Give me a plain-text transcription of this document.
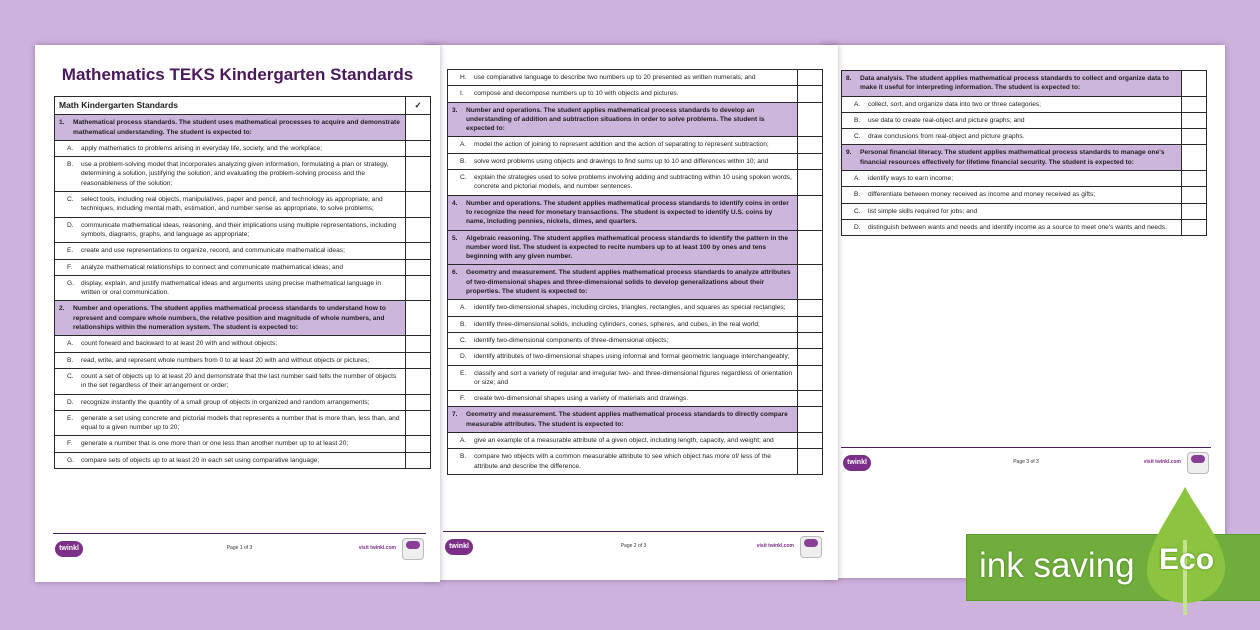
Mathematics TEKS Kindergarten Standards
Math Kindergarten Standards	✓

1. Mathematical process standards. The student uses mathematical processes to acquire and demonstrate mathematical understanding. The student is expected to:	

A. apply mathematics to problems arising in everyday life, society, and the workplace;	

B. use a problem-solving model that incorporates analyzing given information, formulating a plan or strategy, determining a solution, justifying the solution, and evaluating the problem-solving process and the reasonableness of the solution;	

C. select tools, including real objects, manipulatives, paper and pencil, and technology as appropriate, and techniques, including mental math, estimation, and number sense as appropriate, to solve problems;	

D. communicate mathematical ideas, reasoning, and their implications using multiple representations, including symbols, diagrams, graphs, and language as appropriate;	

E. create and use representations to organize, record, and communicate mathematical ideas;	

F. analyze mathematical relationships to connect and communicate mathematical ideas; and	

G. display, explain, and justify mathematical ideas and arguments using precise mathematical language in written or oral communication.	

2. Number and operations. The student applies mathematical process standards to understand how to represent and compare whole numbers, the relative position and magnitude of whole numbers, and relationships within the numeration system. The student is expected to:	

A. count forward and backward to at least 20 with and without objects;	

B. read, write, and represent whole numbers from 0 to at least 20 with and without objects or pictures;	

C. count a set of objects up to at least 20 and demonstrate that the last number said tells the number of objects in the set regardless of their arrangement or order;	

D. recognize instantly the quantity of a small group of objects in organized and random arrangements;	

E. generate a set using concrete and pictorial models that represents a number that is more than, less than, and equal to a given number up to 20;	

F. generate a number that is one more than or one less than another number up to at least 20;	

G. compare sets of objects up to at least 20 in each set using comparative language;	

twinkl	Page 1 of 3	visit twinkl.com
H. use comparative language to describe two numbers up to 20 presented as written numerals; and	

I. compose and decompose numbers up to 10 with objects and pictures.	

3. Number and operations. The student applies mathematical process standards to develop an understanding of addition and subtraction situations in order to solve problems. The student is expected to:	

A. model the action of joining to represent addition and the action of separating to represent subtraction;	

B. solve word problems using objects and drawings to find sums up to 10 and differences within 10; and	

C. explain the strategies used to solve problems involving adding and subtracting within 10 using spoken words, concrete and pictorial models, and number sentences.	

4. Number and operations. The student applies mathematical process standards to identify coins in order to recognize the need for monetary transactions. The student is expected to identify U.S. coins by name, including pennies, nickels, dimes, and quarters.	

5. Algebraic reasoning. The student applies mathematical process standards to identify the pattern in the number word list. The student is expected to recite numbers up to at least 100 by ones and tens beginning with any given number.	

6. Geometry and measurement. The student applies mathematical process standards to analyze attributes of two-dimensional shapes and three-dimensional solids to develop generalizations about their properties. The student is expected to:	

A. identify two-dimensional shapes, including circles, triangles, rectangles, and squares as special rectangles;	

B. identify three-dimensional solids, including cylinders, cones, spheres, and cubes, in the real world;	

C. identify two-dimensional components of three-dimensional objects;	

D. identify attributes of two-dimensional shapes using informal and formal geometric language interchangeably;	

E. classify and sort a variety of regular and irregular two- and three-dimensional figures regardless of orientation or size; and	

F. create two-dimensional shapes using a variety of materials and drawings.	

7. Geometry and measurement. The student applies mathematical process standards to directly compare measurable attributes. The student is expected to:	

A. give an example of a measurable attribute of a given object, including length, capacity, and weight; and	

B. compare two objects with a common measurable attribute to see which object has more of/ less of the attribute and describe the difference.	

twinkl	Page 2 of 3	visit twinkl.com
8. Data analysis. The student applies mathematical process standards to collect and organize data to make it useful for interpreting information. The student is expected to:	

A. collect, sort, and organize data into two or three categories;	

B. use data to create real-object and picture graphs; and	

C. draw conclusions from real-object and picture graphs.	

9. Personal financial literacy. The student applies mathematical process standards to manage one's financial resources effectively for lifetime financial security. The student is expected to:	

A. identify ways to earn income;	

B. differentiate between money received as income and money received as gifts;	

C. list simple skills required for jobs; and	

D. distinguish between wants and needs and identify income as a source to meet one's wants and needs.	

twinkl	Page 3 of 3	visit twinkl.com
ink saving Eco
